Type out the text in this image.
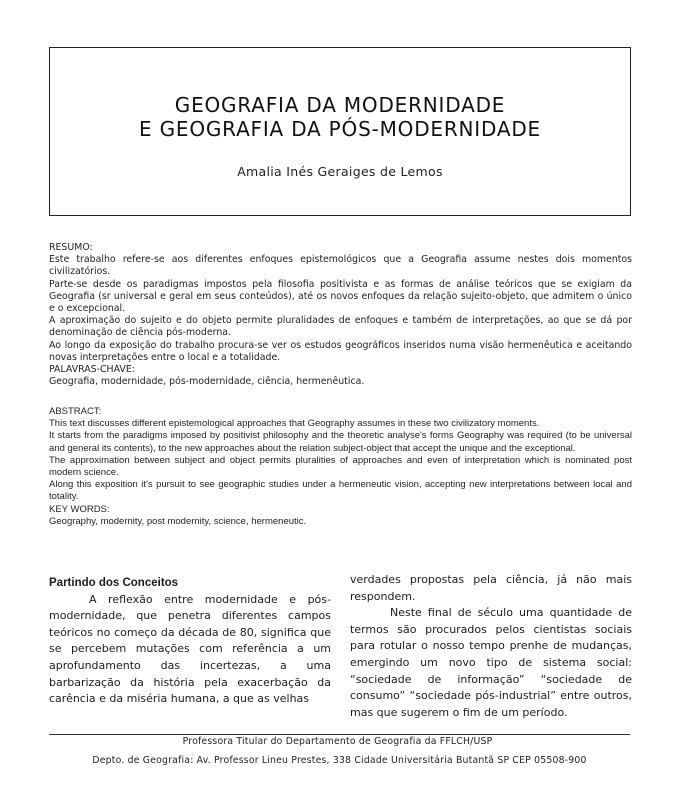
GEOGRAFIA DA MODERNIDADE
E GEOGRAFIA DA PÓS-MODERNIDADE
Amalia Inés Geraiges de Lemos

RESUMO:

Este trabalho refere-se aos diferentes enfoques epistemológicos que a Geografia assume nestes dois momentos civilizatórios.

Parte-se desde os paradigmas impostos pela filosofia positivista e as formas de análise teóricos que se exigiam da Geografia (sr universal e geral em seus conteúdos), até os novos enfoques da relação sujeito-objeto, que admitem o único e o excepcional.

A aproximação do sujeito e do objeto permite pluralidades de enfoques e também de interpretações, ao que se dá por denominação de ciência pós-moderna.

Ao longo da exposição do trabalho procura-se ver os estudos geográficos inseridos numa visão hermenêutica e aceitando novas interpretações entre o local e a totalidade.

PALAVRAS-CHAVE:

Geografia, modernidade, pós-modernidade, ciência, hermenêutica.

ABSTRACT:

This text discusses different epistemological approaches that Geography assumes in these two civilizatory moments.

It starts from the paradigms imposed by positivist philosophy and the theoretic analyse's forms Geography was required (to be universal and general its contents), to the new approaches about the relation subject-object that accept the unique and the exceptional.

The approximation between subject and object permits pluralities of approaches and even of interpretation which is nominated post modern science.

Along this exposition it's pursuit to see geographic studies under a hermeneutic vision, accepting new interpretations between local and totality.

KEY WORDS:

Geography, modernity, post modernity, science, hermeneutic.

Partindo dos Conceitos

A reflexão entre modernidade e pós-modernidade, que penetra diferentes campos teóricos no começo da década de 80, significa que se percebem mutações com referência a um aprofundamento das incertezas, a uma barbarização da história pela exacerbação da carência e da miséria humana, a que as velhas

verdades propostas pela ciência, já não mais respondem.

Neste final de século uma quantidade de termos são procurados pelos cientistas sociais para rotular o nosso tempo prenhe de mudanças, emergindo um novo tipo de sistema social: “sociedade de informação” “sociedade de consumo” “sociedade pós-industrial” entre outros, mas que sugerem o fim de um período.

Professora Titular do Departamento de Geografia da FFLCH/USP
Depto. de Geografia: Av. Professor Lineu Prestes, 338 Cidade Universitária Butantã SP CEP 05508-900
